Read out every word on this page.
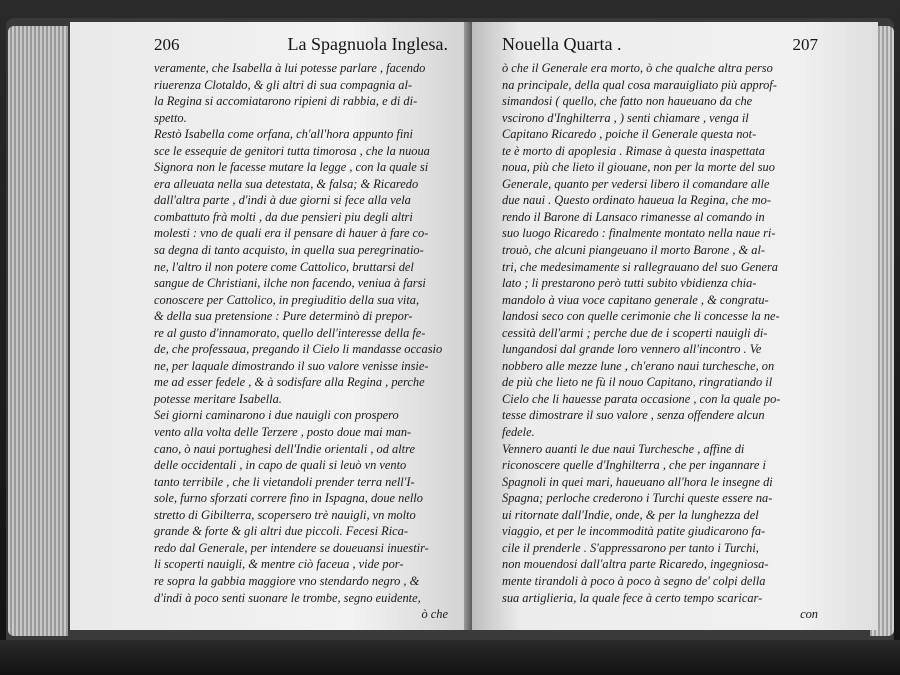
206	La Spagnuola Inglesa.
veramente, che Isabella à lui potesse parlare , facendo
riuerenza Clotaldo, & gli altri di sua compagnia al-
la Regina si accomiatarono ripieni di rabbia, e di di-
spetto.
Restò Isabella come orfana, ch'all'hora appunto fini
sce le essequie de genitori tutta timorosa , che la nuoua
Signora non le facesse mutare la legge , con la quale si
era alleuata nella sua detestata, & falsa; & Ricaredo
dall'altra parte , d'indi à due giorni si fece alla vela
combattuto frà molti , da due pensieri piu degli altri
molesti : vno de quali era il pensare di hauer à fare co-
sa degna di tanto acquisto, in quella sua peregrinatio-
ne, l'altro il non potere come Cattolico, bruttarsi del
sangue de Christiani, ilche non facendo, veniua à farsi
conoscere per Cattolico, in pregiuditio della sua vita,
& della sua pretensione : Pure determinò di prepor-
re al gusto d'innamorato, quello dell'interesse della fe-
de, che professaua, pregando il Cielo li mandasse occasio
ne, per laquale dimostrando il suo valore venisse insie-
me ad esser fedele , & à sodisfare alla Regina , perche
potesse meritare Isabella.
Sei giorni caminarono i due nauigli con prospero
vento alla volta delle Terzere , posto doue mai man-
cano, ò naui portughesi dell'Indie orientali , od altre
delle occidentali , in capo de quali si leuò vn vento
tanto terribile , che li vietandoli prender terra nell'I-
sole, furno sforzati correre fino in Ispagna, doue nello
stretto di Gibilterra, scopersero trè nauigli, vn molto
grande & forte & gli altri due piccoli. Fecesi Rica-
redo dal Generale, per intendere se doueuansi inuestir-
li scoperti nauigli, & mentre ciò faceua , vide por-
re sopra la gabbia maggiore vno stendardo negro , &
d'indi à poco senti suonare le trombe, segno euidente,
ò che
Nouella Quarta .	207
ò che il Generale era morto, ò che qualche altra perso
na principale, della qual cosa marauigliato più approf-
simandosi ( quello, che fatto non haueuano da che
vscirono d'Inghilterra , ) senti chiamare , venga il
Capitano Ricaredo , poiche il Generale questa not-
te è morto di apoplesia . Rimase à questa inaspettata
noua, più che lieto il giouane, non per la morte del suo
Generale, quanto per vedersi libero il comandare alle
due naui . Questo ordinato haueua la Regina, che mo-
rendo il Barone di Lansaco rimanesse al comando in
suo luogo Ricaredo : finalmente montato nella naue ri-
trouò, che alcuni piangeuano il morto Barone , & al-
tri, che medesimamente si rallegrauano del suo Genera
lato ; li prestarono però tutti subito vbidienza chia-
mandolo à viua voce capitano generale , & congratu-
landosi seco con quelle cerimonie che li concesse la ne-
cessità dell'armi ; perche due de i scoperti nauigli di-
lungandosi dal grande loro vennero all'incontro . Ve
nobbero alle mezze lune , ch'erano naui turchesche, on
de più che lieto ne fù il nouo Capitano, ringratiando il
Cielo che li hauesse parata occasione , con la quale po-
tesse dimostrare il suo valore , senza offendere alcun
fedele.
Vennero auanti le due naui Turchesche , affine di
riconoscere quelle d'Inghilterra , che per ingannare i
Spagnoli in quei mari, haueuano all'hora le insegne di
Spagna; perloche crederono i Turchi queste essere na-
ui ritornate dall'Indie, onde, & per la lunghezza del
viaggio, et per le incommodità patite giudicarono fa-
cile il prenderle . S'appressarono per tanto i Turchi,
non mouendosi dall'altra parte Ricaredo, ingegniosa-
mente tirandoli à poco à poco à segno de' colpi della
sua artiglieria, la quale fece à certo tempo scaricar-
con
